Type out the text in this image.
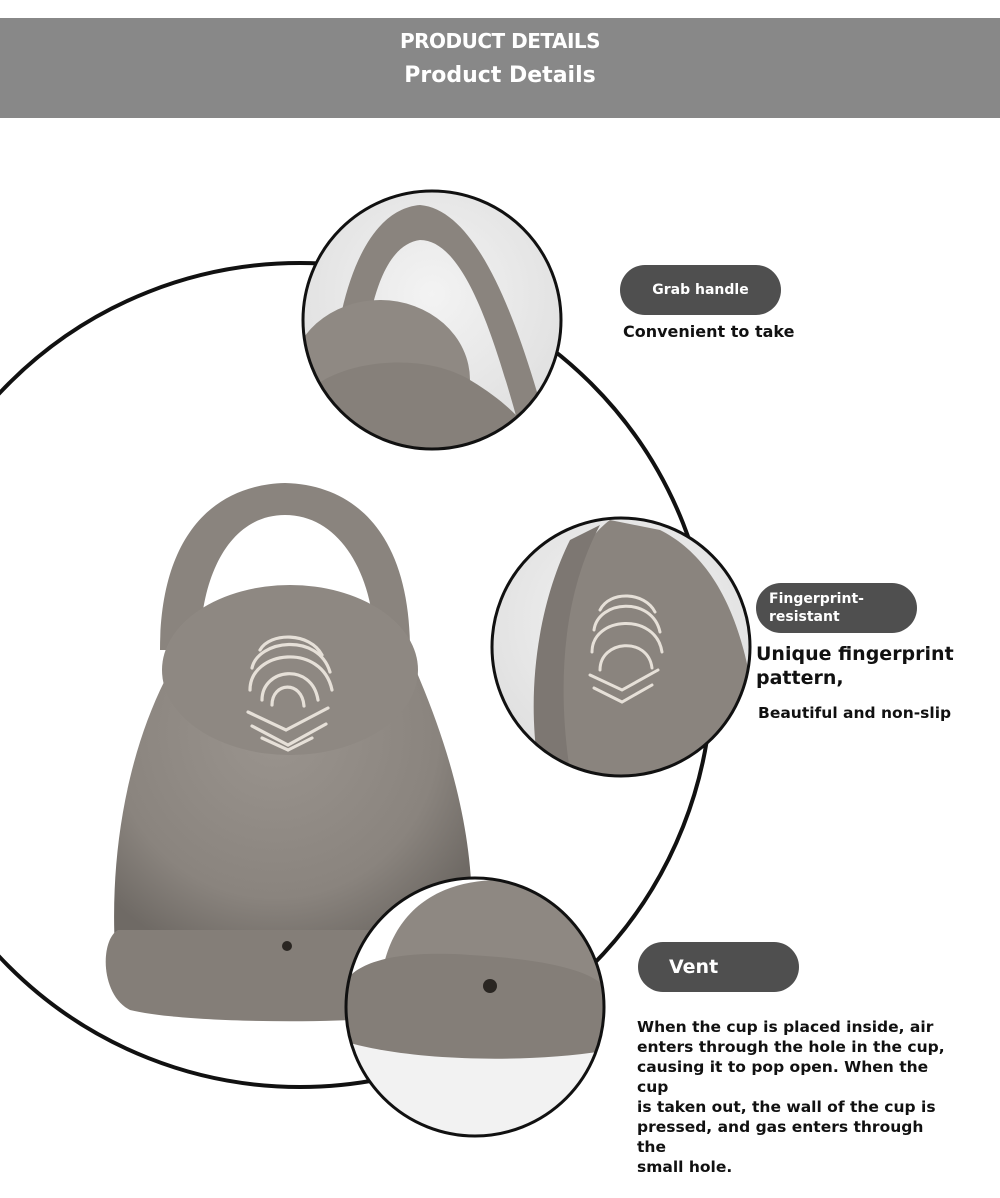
PRODUCT DETAILS
Product Details
Grab handle
Convenient to take
Fingerprint-
resistant
Unique fingerprint pattern,
Beautiful and non-slip
Vent
When the cup is placed inside, air
enters through the hole in the cup,
causing it to pop open. When the cup
is taken out, the wall of the cup is
pressed, and gas enters through the
small hole.
